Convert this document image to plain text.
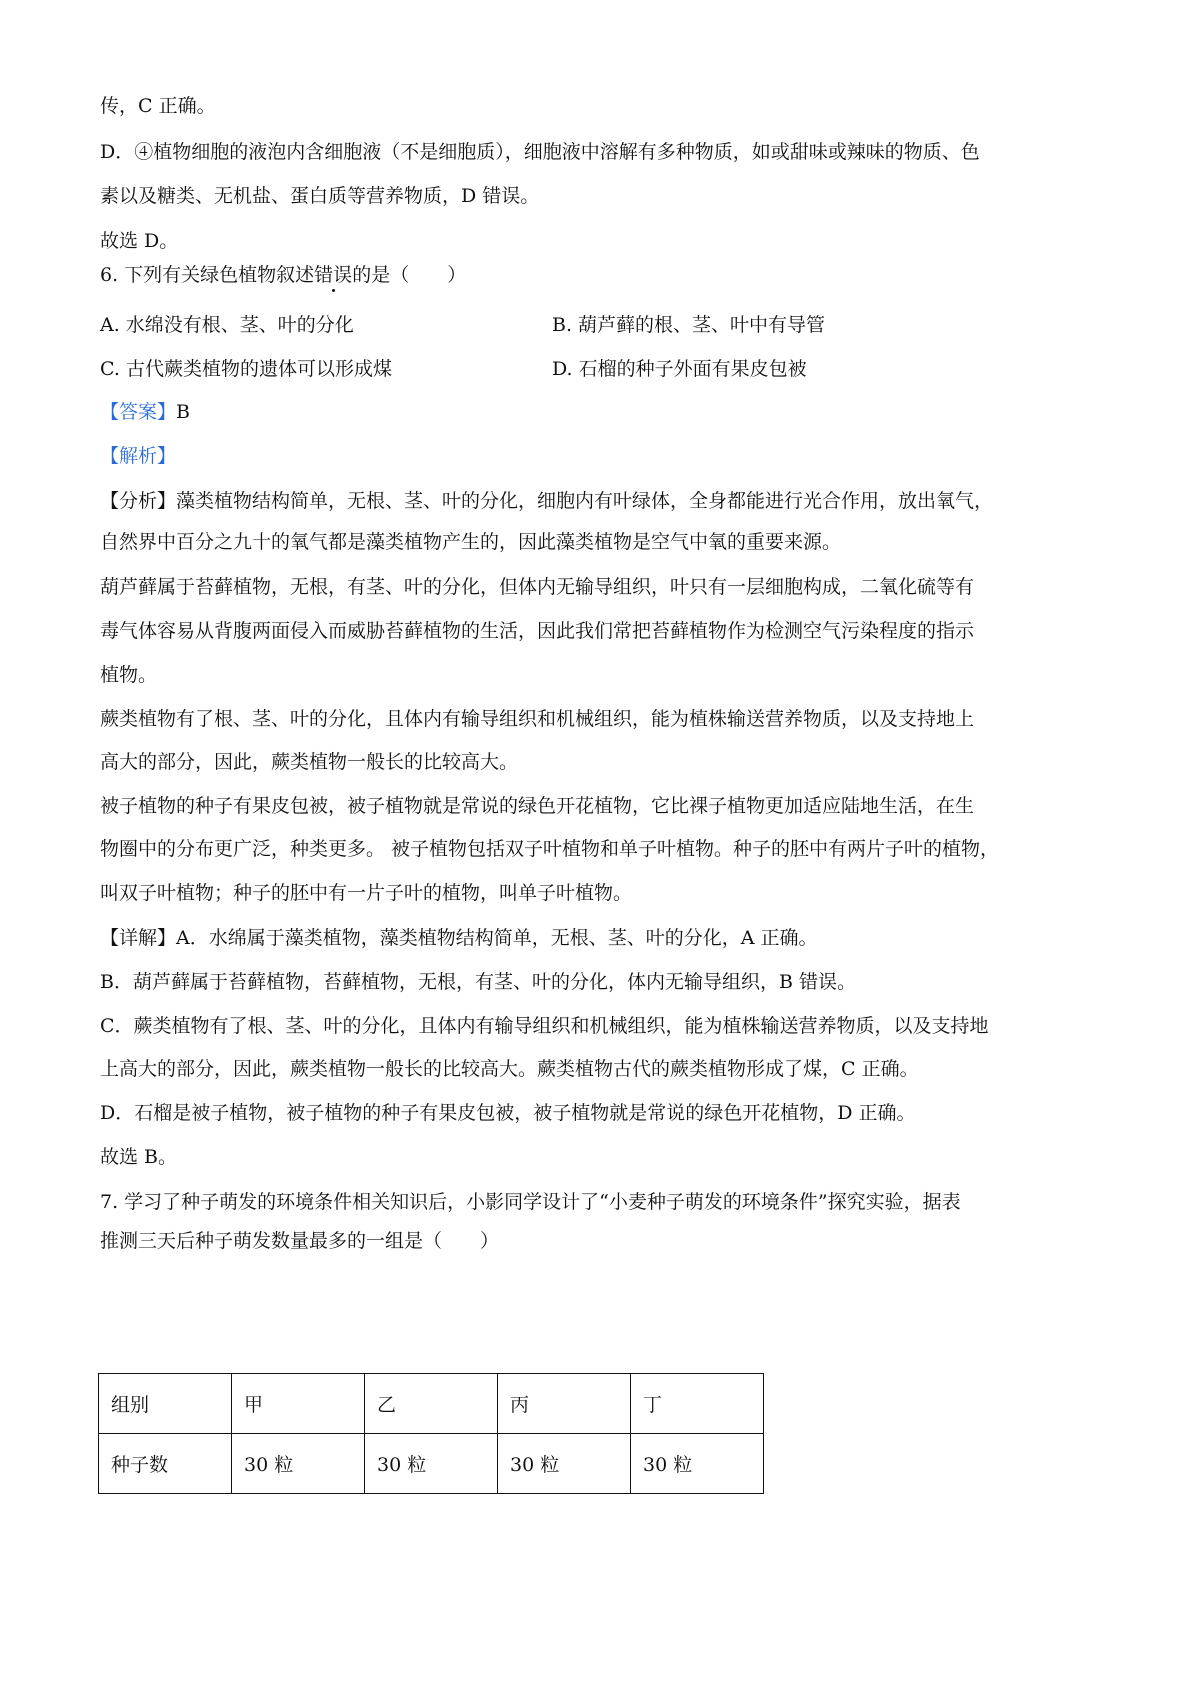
传，C 正确。
D．④植物细胞的液泡内含细胞液（不是细胞质），细胞液中溶解有多种物质，如或甜味或辣味的物质、色
素以及糖类、无机盐、蛋白质等营养物质，D 错误。
故选 D。
6. 下列有关绿色植物叙述错误的是（　　）
A. 水绵没有根、茎、叶的分化	B. 葫芦藓的根、茎、叶中有导管
C. 古代蕨类植物的遗体可以形成煤	D. 石榴的种子外面有果皮包被
【答案】B
【解析】
【分析】藻类植物结构简单，无根、茎、叶的分化，细胞内有叶绿体，全身都能进行光合作用，放出氧气，
自然界中百分之九十的氧气都是藻类植物产生的，因此藻类植物是空气中氧的重要来源。
葫芦藓属于苔藓植物，无根，有茎、叶的分化，但体内无输导组织，叶只有一层细胞构成，二氧化硫等有
毒气体容易从背腹两面侵入而威胁苔藓植物的生活，因此我们常把苔藓植物作为检测空气污染程度的指示
植物。
蕨类植物有了根、茎、叶的分化，且体内有输导组织和机械组织，能为植株输送营养物质，以及支持地上
高大的部分，因此，蕨类植物一般长的比较高大。
被子植物的种子有果皮包被，被子植物就是常说的绿色开花植物，它比裸子植物更加适应陆地生活，在生
物圈中的分布更广泛，种类更多。 被子植物包括双子叶植物和单子叶植物。种子的胚中有两片子叶的植物，
叫双子叶植物；种子的胚中有一片子叶的植物，叫单子叶植物。
【详解】A．水绵属于藻类植物，藻类植物结构简单，无根、茎、叶的分化，A 正确。
B．葫芦藓属于苔藓植物，苔藓植物，无根，有茎、叶的分化，体内无输导组织，B 错误。
C．蕨类植物有了根、茎、叶的分化，且体内有输导组织和机械组织，能为植株输送营养物质，以及支持地
上高大的部分，因此，蕨类植物一般长的比较高大。蕨类植物古代的蕨类植物形成了煤，C 正确。
D．石榴是被子植物，被子植物的种子有果皮包被，被子植物就是常说的绿色开花植物，D 正确。
故选 B。
7. 学习了种子萌发的环境条件相关知识后，小影同学设计了“小麦种子萌发的环境条件”探究实验，据表
推测三天后种子萌发数量最多的一组是（　　）
组别	甲	乙	丙	丁
种子数	30 粒	30 粒	30 粒	30 粒
